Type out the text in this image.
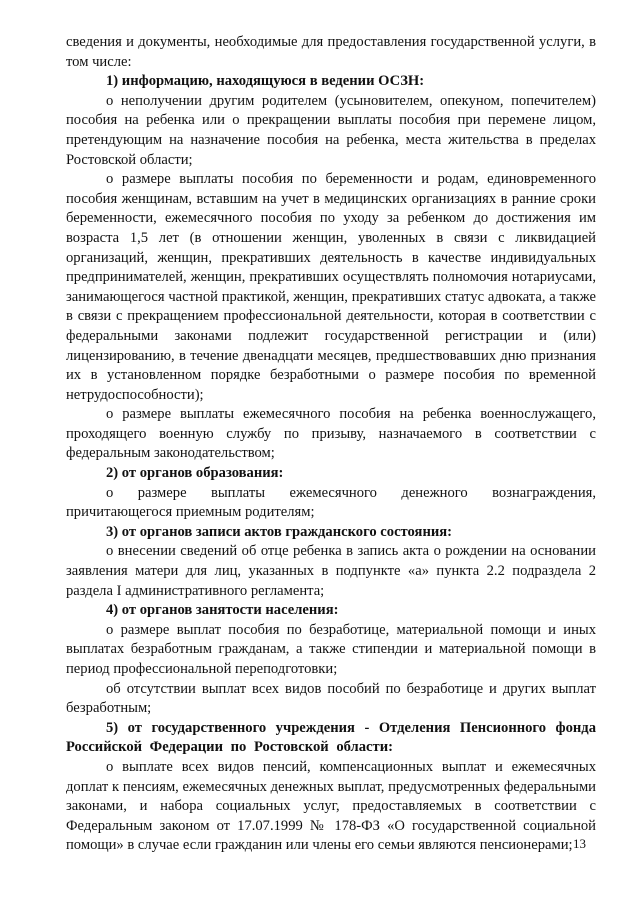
сведения и документы, необходимые для предоставления государственной услуги, в том числе:

1) информацию, находящуюся в ведении ОСЗН:

о неполучении другим родителем (усыновителем, опекуном, попечителем) пособия на ребенка или о прекращении выплаты пособия при перемене лицом, претендующим на назначение пособия на ребенка, места жительства в пределах Ростовской области;

о размере выплаты пособия по беременности и родам, единовременного пособия женщинам, вставшим на учет в медицинских организациях в ранние сроки беременности, ежемесячного пособия по уходу за ребенком до достижения им возраста 1,5 лет (в отношении женщин, уволенных в связи с ликвидацией организаций, женщин, прекративших деятельность в качестве индивидуальных предпринимателей, женщин, прекративших осуществлять полномочия нотариусами, занимающегося частной практикой, женщин, прекративших статус адвоката, а также в связи с прекращением профессиональной деятельности, которая в соответствии с федеральными законами подлежит государственной регистрации и (или) лицензированию, в течение двенадцати месяцев, предшествовавших дню признания их в установленном порядке безработными о размере пособия по временной нетрудоспособности);

о размере выплаты ежемесячного пособия на ребенка военнослужащего, проходящего военную службу по призыву, назначаемого в соответствии с федеральным законодательством;

2) от органов образования:

о размере выплаты ежемесячного денежного вознаграждения, причитающегося приемным родителям;

3) от органов записи актов гражданского состояния:

о внесении сведений об отце ребенка в запись акта о рождении на основании заявления матери для лиц, указанных в подпункте «а» пункта 2.2 подраздела 2 раздела I административного регламента;

4) от органов занятости населения:

о размере выплат пособия по безработице, материальной помощи и иных выплатах безработным гражданам, а также стипендии и материальной помощи в период профессиональной переподготовки;

об отсутствии выплат всех видов пособий по безработице и других выплат безработным;

5) от государственного учреждения - Отделения Пенсионного фонда Российской Федерации по Ростовской области:

о выплате всех видов пенсий, компенсационных выплат и ежемесячных доплат к пенсиям, ежемесячных денежных выплат, предусмотренных федеральными законами, и набора социальных услуг, предоставляемых в соответствии с Федеральным законом от 17.07.1999 № 178-ФЗ «О государственной социальной помощи» в случае если гражданин или члены его семьи являются пенсионерами; 13
